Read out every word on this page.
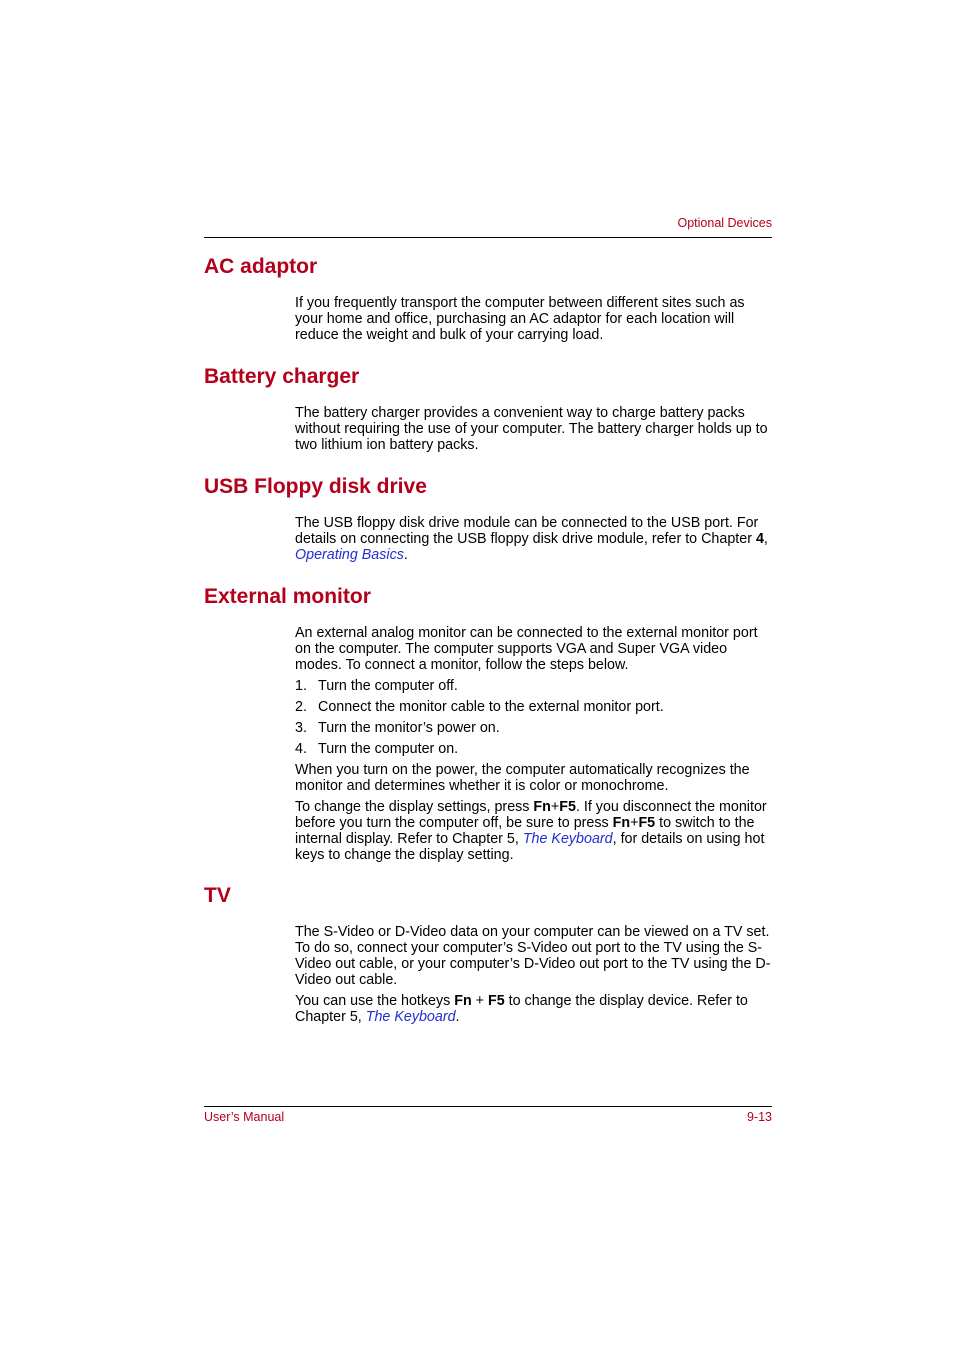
Optional Devices
AC adaptor

If you frequently transport the computer between different sites such as your home and office, purchasing an AC adaptor for each location will reduce the weight and bulk of your carrying load.

Battery charger

The battery charger provides a convenient way to charge battery packs without requiring the use of your computer. The battery charger holds up to two lithium ion battery packs.

USB Floppy disk drive

The USB floppy disk drive module can be connected to the USB port. For details on connecting the USB floppy disk drive module, refer to Chapter 4, Operating Basics.

External monitor

An external analog monitor can be connected to the external monitor port on the computer. The computer supports VGA and Super VGA video modes. To connect a monitor, follow the steps below.

1. Turn the computer off.
2. Connect the monitor cable to the external monitor port.
3. Turn the monitor’s power on.
4. Turn the computer on.

When you turn on the power, the computer automatically recognizes the monitor and determines whether it is color or monochrome.

To change the display settings, press Fn+F5. If you disconnect the monitor before you turn the computer off, be sure to press Fn+F5 to switch to the internal display. Refer to Chapter 5, The Keyboard, for details on using hot keys to change the display setting.

TV

The S-Video or D-Video data on your computer can be viewed on a TV set. To do so, connect your computer’s S-Video out port to the TV using the S-Video out cable, or your computer’s D-Video out port to the TV using the D-Video out cable.

You can use the hotkeys Fn + F5 to change the display device. Refer to Chapter 5, The Keyboard.

User’s Manual	9-13
